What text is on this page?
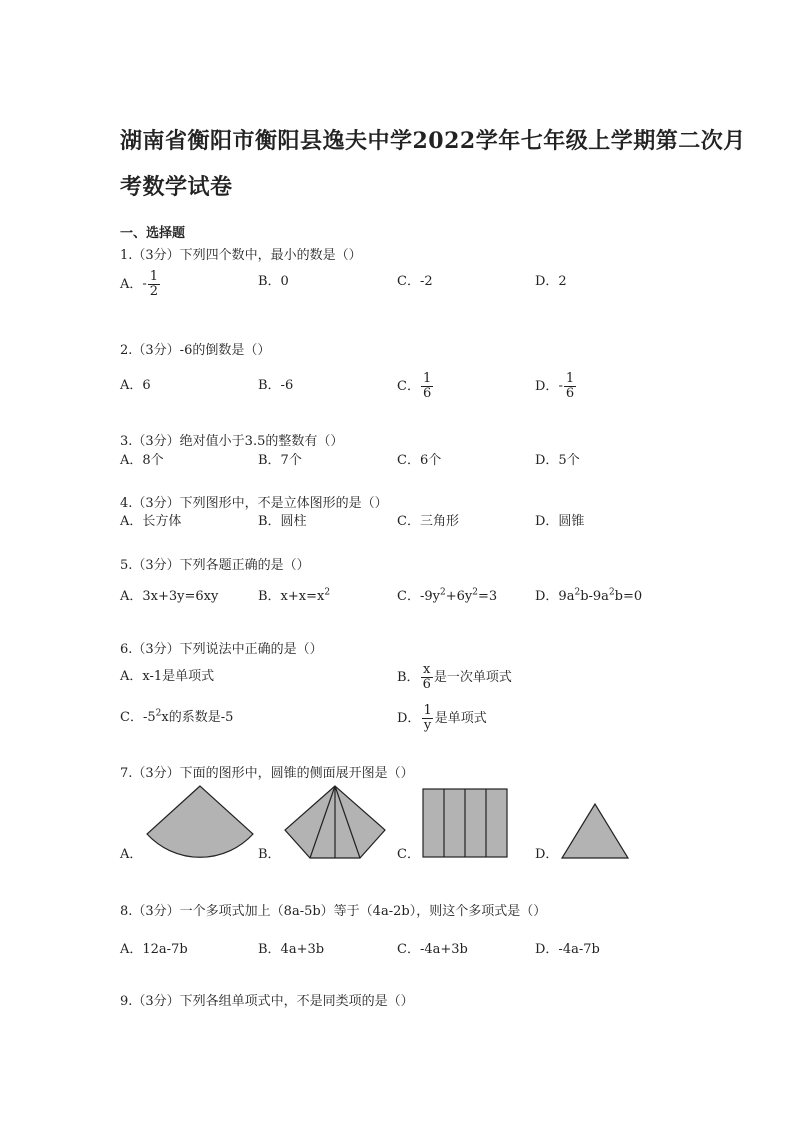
湖南省衡阳市衡阳县逸夫中学2022学年七年级上学期第二次月
考数学试卷
一、选择题
1.（3分）下列四个数中，最小的数是（）
A．- $\frac{1}{2}$	B．0	C．-2	D．2
2.（3分）-6的倒数是（）
A．6	B．-6	C． $\frac{1}{6}$	D．- $\frac{1}{6}$
3.（3分）绝对值小于3.5的整数有（）
A．8个	B．7个	C．6个	D．5个
4.（3分）下列图形中，不是立体图形的是（）
A．长方体	B．圆柱	C．三角形	D．圆锥
5.（3分）下列各题正确的是（）
A．3x+3y=6xy	B．$x+x=x^2$	C．$-9y^2+6y^2=3$	D．$9a^2b-9a^2b=0$
6.（3分）下列说法中正确的是（）
A．x-1是单项式	B． $\frac{x}{6}$ 是一次单项式
C．$-5^2x$的系数是-5	D． $\frac{1}{y}$ 是单项式
7.（3分）下面的图形中，圆锥的侧面展开图是（）
A．	B．	C．	D．
8.（3分）一个多项式加上（8a-5b）等于（4a-2b），则这个多项式是（）
A．12a-7b	B．4a+3b	C．-4a+3b	D．-4a-7b
9.（3分）下列各组单项式中，不是同类项的是（）
